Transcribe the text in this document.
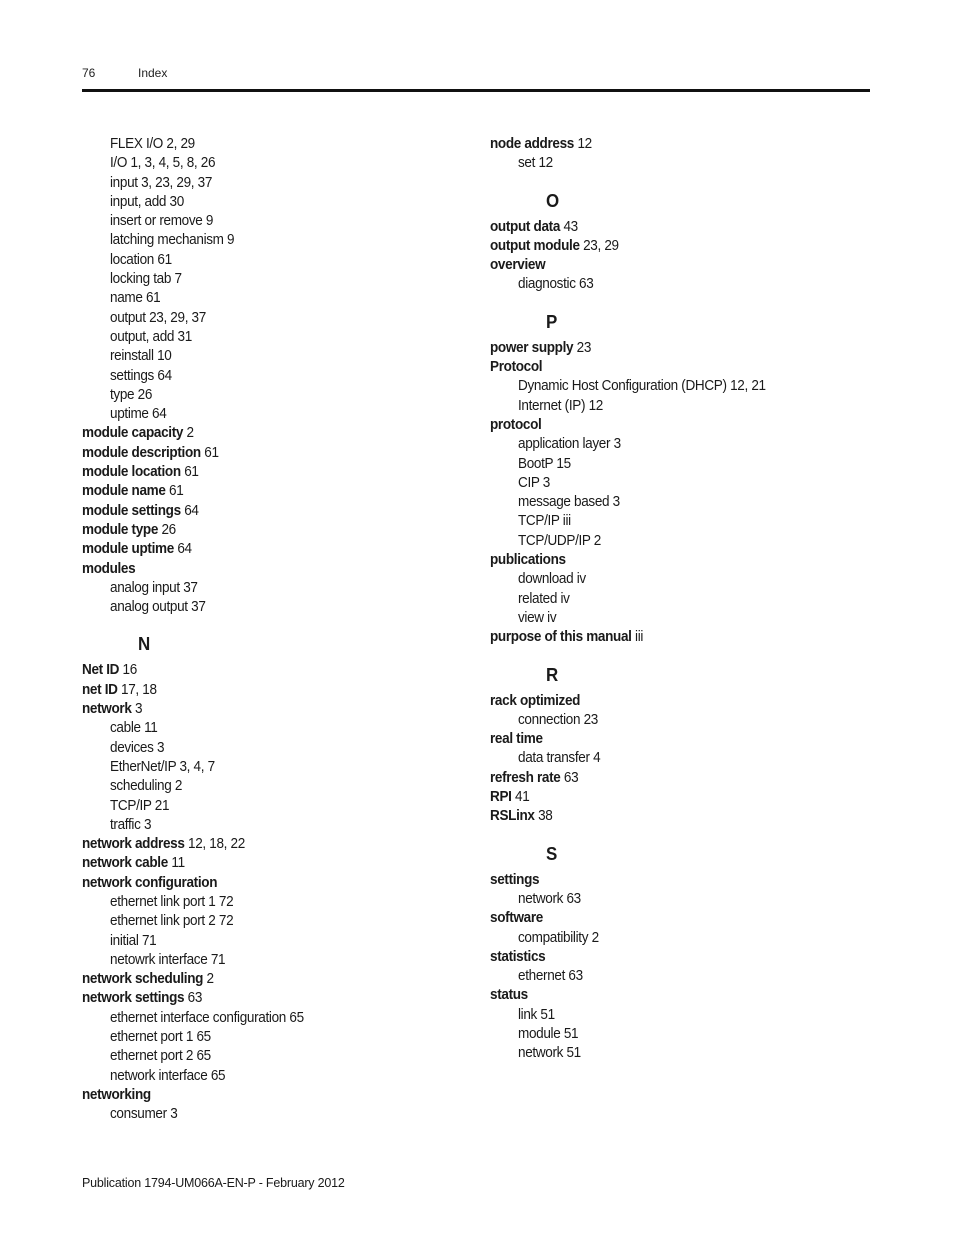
76	Index
FLEX I/O 2, 29
I/O 1, 3, 4, 5, 8, 26
input 3, 23, 29, 37
input, add 30
insert or remove 9
latching mechanism 9
location 61
locking tab 7
name 61
output 23, 29, 37
output, add 31
reinstall 10
settings 64
type 26
uptime 64
module capacity 2
module description 61
module location 61
module name 61
module settings 64
module type 26
module uptime 64
modules
analog input 37
analog output 37
N
Net ID 16
net ID 17, 18
network 3
cable 11
devices 3
EtherNet/IP 3, 4, 7
scheduling 2
TCP/IP 21
traffic 3
network address 12, 18, 22
network cable 11
network configuration
ethernet link port 1 72
ethernet link port 2 72
initial 71
netowrk interface 71
network scheduling 2
network settings 63
ethernet interface configuration 65
ethernet port 1 65
ethernet port 2 65
network interface 65
networking
consumer 3
node address 12
set 12
O
output data 43
output module 23, 29
overview
diagnostic 63
P
power supply 23
Protocol
Dynamic Host Configuration (DHCP) 12, 21
Internet (IP) 12
protocol
application layer 3
BootP 15
CIP 3
message based 3
TCP/IP iii
TCP/UDP/IP 2
publications
download iv
related iv
view iv
purpose of this manual iii
R
rack optimized
connection 23
real time
data transfer 4
refresh rate 63
RPI 41
RSLinx 38
S
settings
network 63
software
compatibility 2
statistics
ethernet 63
status
link 51
module 51
network 51
Publication 1794-UM066A-EN-P - February 2012
